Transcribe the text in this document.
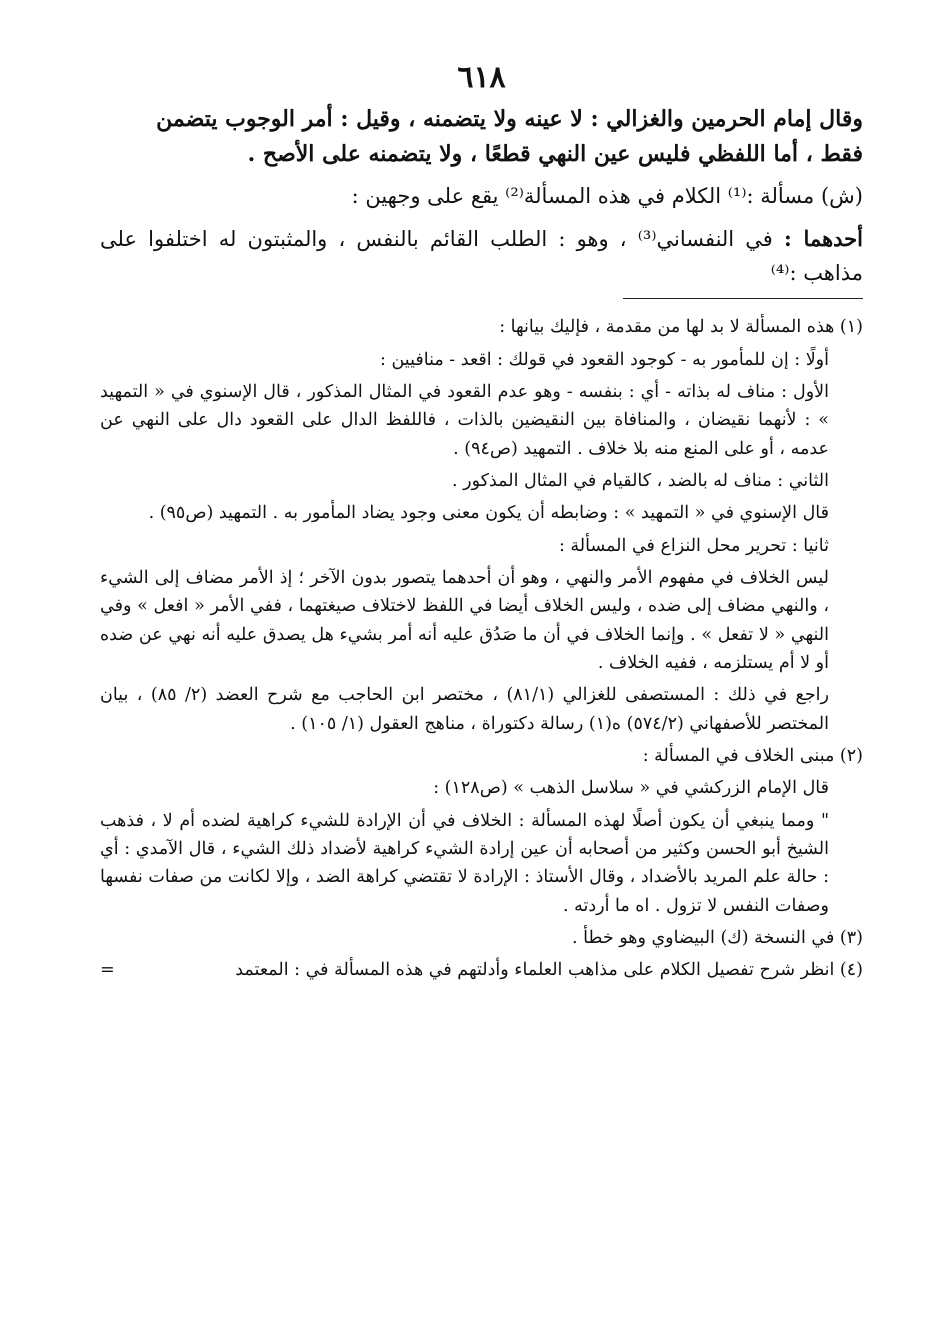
٦١٨
وقال إمام الحرمين والغزالي : لا عينه ولا يتضمنه ، وقيل : أمر الوجوب يتضمن
فقط ، أما اللفظي فليس عين النهي قطعًا ، ولا يتضمنه على الأصح .

(ش) مسألة :⁽¹⁾ الكلام في هذه المسألة⁽²⁾ يقع على وجهين :

أحدهما : في النفساني⁽³⁾ ، وهو : الطلب القائم بالنفس ، والمثبتون له اختلفوا على مذاهب :⁽⁴⁾

(١) هذه المسألة لا بد لها من مقدمة ، فإليك بيانها :

أولًا : إن للمأمور به - كوجود القعود في قولك : اقعد - منافيين :

الأول : مناف له بذاته - أي : بنفسه - وهو عدم القعود في المثال المذكور ، قال الإسنوي في « التمهيد » : لأنهما نقيضان ، والمنافاة بين النقيضين بالذات ، فاللفظ الدال على القعود دال على النهي عن عدمه ، أو على المنع منه بلا خلاف . التمهيد (ص٩٤) .

الثاني : مناف له بالضد ، كالقيام في المثال المذكور .

قال الإسنوي في « التمهيد » : وضابطه أن يكون معنى وجود يضاد المأمور به . التمهيد (ص٩٥) .

ثانيا : تحرير محل النزاع في المسألة :

ليس الخلاف في مفهوم الأمر والنهي ، وهو أن أحدهما يتصور بدون الآخر ؛ إذ الأمر مضاف إلى الشيء ، والنهي مضاف إلى ضده ، وليس الخلاف أيضا في اللفظ لاختلاف صيغتهما ، ففي الأمر « افعل » وفي النهي « لا تفعل » . وإنما الخلاف في أن ما صَدُق عليه أنه أمر بشيء هل يصدق عليه أنه نهي عن ضده أو لا أم يستلزمه ، ففيه الخلاف .

راجع في ذلك : المستصفى للغزالي (٨١/١) ، مختصر ابن الحاجب مع شرح العضد (٢/ ٨٥) ، بيان المختصر للأصفهاني (٥٧٤/٢) ه(١) رسالة دكتوراة ، مناهج العقول (١/ ١٠٥) .

(٢) مبنى الخلاف في المسألة :

قال الإمام الزركشي في « سلاسل الذهب » (ص١٢٨) :

" ومما ينبغي أن يكون أصلًا لهذه المسألة : الخلاف في أن الإرادة للشيء كراهية لضده أم لا ، فذهب الشيخ أبو الحسن وكثير من أصحابه أن عين إرادة الشيء كراهية لأضداد ذلك الشيء ، قال الآمدي : أي : حالة علم المريد بالأضداد ، وقال الأستاذ : الإرادة لا تقتضي كراهة الضد ، وإلا لكانت من صفات نفسها وصفات النفس لا تزول . اه ما أردته .

(٣) في النسخة (ك) البيضاوي وهو خطأ .

(٤) انظر شرح تفصيل الكلام على مذاهب العلماء وأدلتهم في هذه المسألة في : المعتمد
=
